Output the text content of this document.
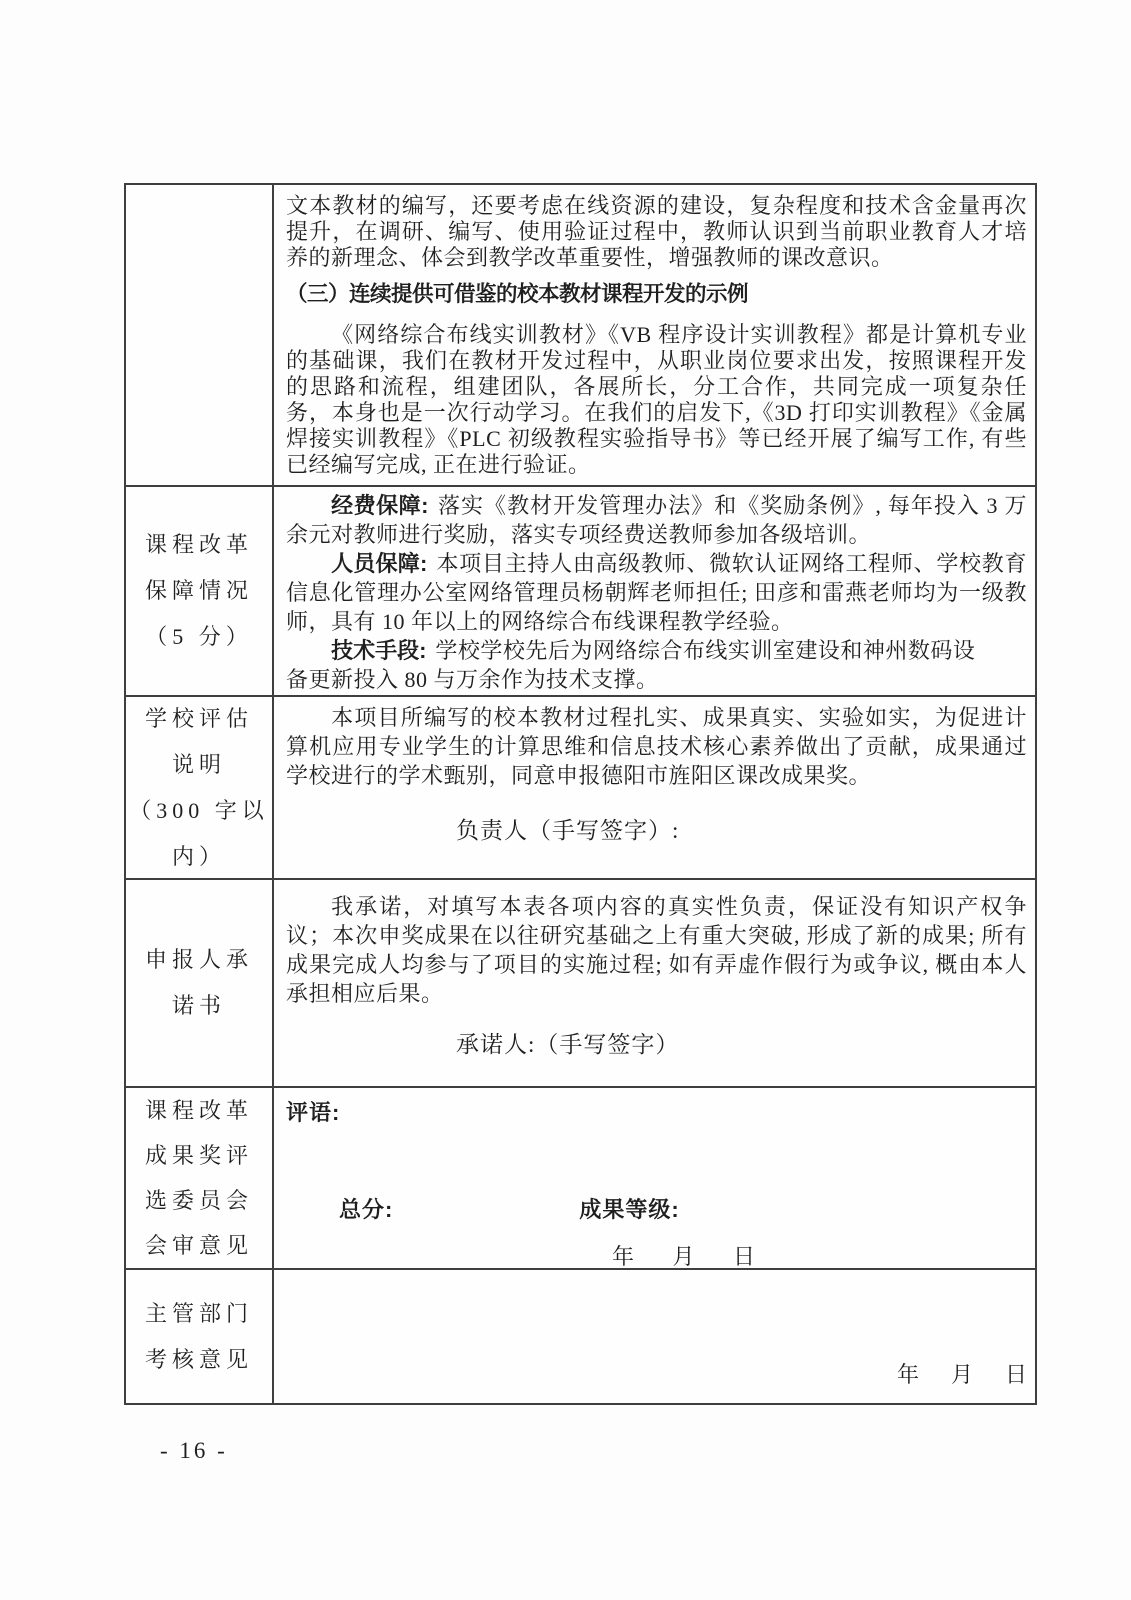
文本教材的编写，还要考虑在线资源的建设，复杂程度和技术含金量再次提升，在调研、编写、使用验证过程中，教师认识到当前职业教育人才培养的新理念、体会到教学改革重要性，增强教师的课改意识。

（三）连续提供可借鉴的校本教材课程开发的示例

《网络综合布线实训教材》《VB 程序设计实训教程》都是计算机专业的基础课，我们在教材开发过程中，从职业岗位要求出发，按照课程开发的思路和流程，组建团队，各展所长，分工合作，共同完成一项复杂任务，本身也是一次行动学习。在我们的启发下,《3D 打印实训教程》《金属焊接实训教程》《PLC 初级教程实验指导书》等已经开展了编写工作, 有些已经编写完成, 正在进行验证。

课程改革
保障情况
（5 分）

经费保障: 落实《教材开发管理办法》和《奖励条例》, 每年投入 3 万余元对教师进行奖励，落实专项经费送教师参加各级培训。

人员保障: 本项目主持人由高级教师、微软认证网络工程师、学校教育信息化管理办公室网络管理员杨朝辉老师担任; 田彦和雷燕老师均为一级教师，具有 10 年以上的网络综合布线课程教学经验。

技术手段: 学校学校先后为网络综合布线实训室建设和神州数码设
备更新投入 80 与万余作为技术支撑。

学校评估
说明
（300 字以
内）

本项目所编写的校本教材过程扎实、成果真实、实验如实，为促进计算机应用专业学生的计算思维和信息技术核心素养做出了贡献，成果通过学校进行的学术甄别，同意申报德阳市旌阳区课改成果奖。

负责人（手写签字）:
申报人承
诺书

我承诺，对填写本表各项内容的真实性负责，保证没有知识产权争议；本次申奖成果在以往研究基础之上有重大突破, 形成了新的成果; 所有成果完成人均参与了项目的实施过程; 如有弄虚作假行为或争议, 概由本人承担相应后果。

承诺人:（手写签字）
课程改革
成果奖评
选委员会
会审意见
评语:
总分:	成果等级:
年 月 日
主管部门
考核意见
年 月 日
- 16 -
